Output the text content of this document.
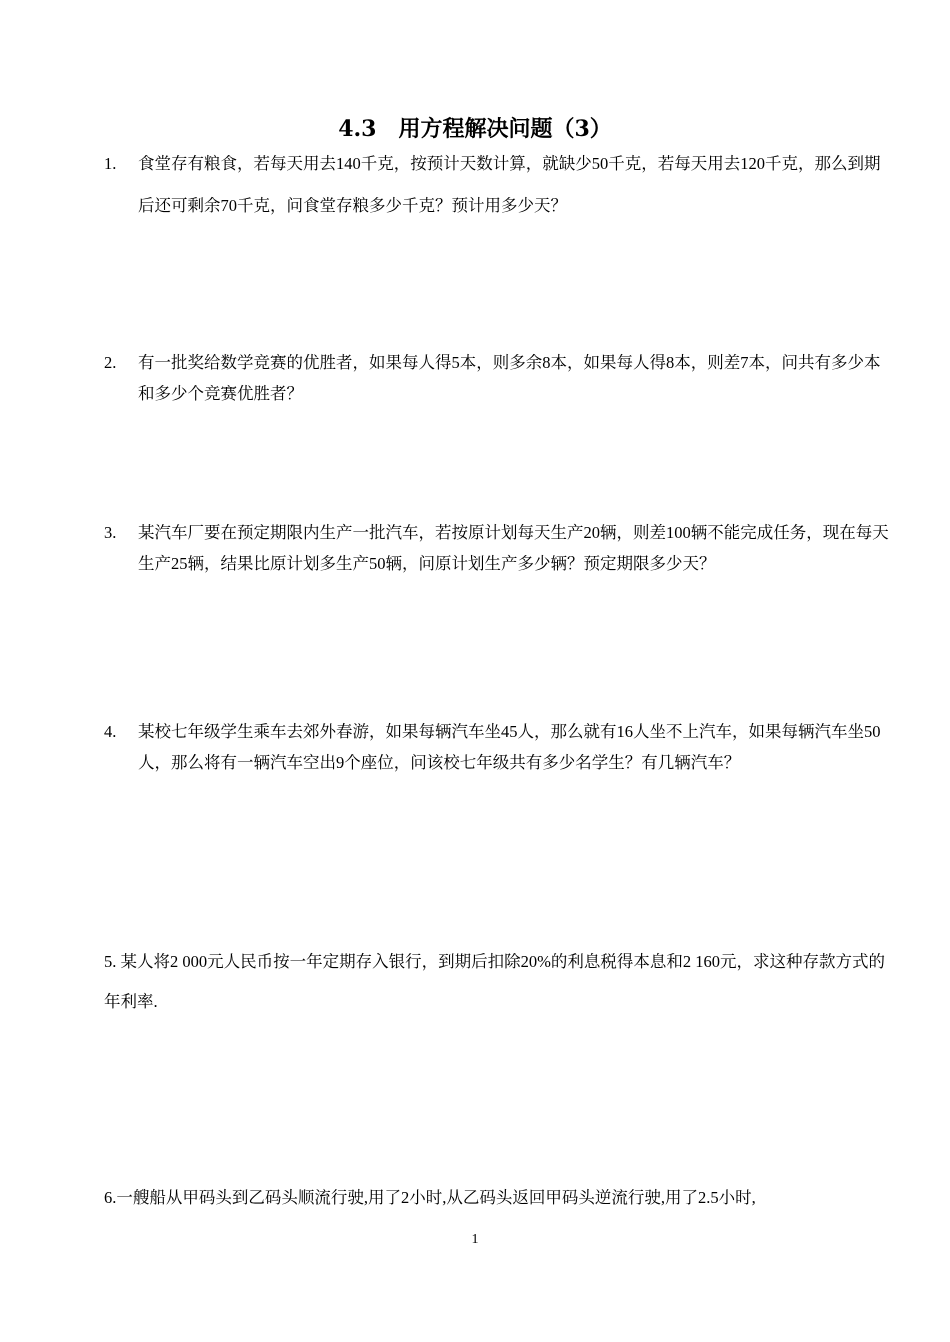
4.3　用方程解决问题（3）
1.	食堂存有粮食，若每天用去140千克，按预计天数计算，就缺少50千克，若每天用去120千克，那么到期后还可剩余70千克，问食堂存粮多少千克？预计用多少天？
2.	有一批奖给数学竞赛的优胜者，如果每人得5本，则多余8本，如果每人得8本，则差7本，问共有多少本和多少个竞赛优胜者？
3.	某汽车厂要在预定期限内生产一批汽车，若按原计划每天生产20辆，则差100辆不能完成任务，现在每天生产25辆，结果比原计划多生产50辆，问原计划生产多少辆？预定期限多少天？
4.	某校七年级学生乘车去郊外春游，如果每辆汽车坐45人，那么就有16人坐不上汽车，如果每辆汽车坐50人，那么将有一辆汽车空出9个座位，问该校七年级共有多少名学生？有几辆汽车？
5. 某人将2 000元人民币按一年定期存入银行，到期后扣除20%的利息税得本息和2 160元，求这种存款方式的年利率.
6.一艘船从甲码头到乙码头顺流行驶,用了2小时,从乙码头返回甲码头逆流行驶,用了2.5小时,
1
